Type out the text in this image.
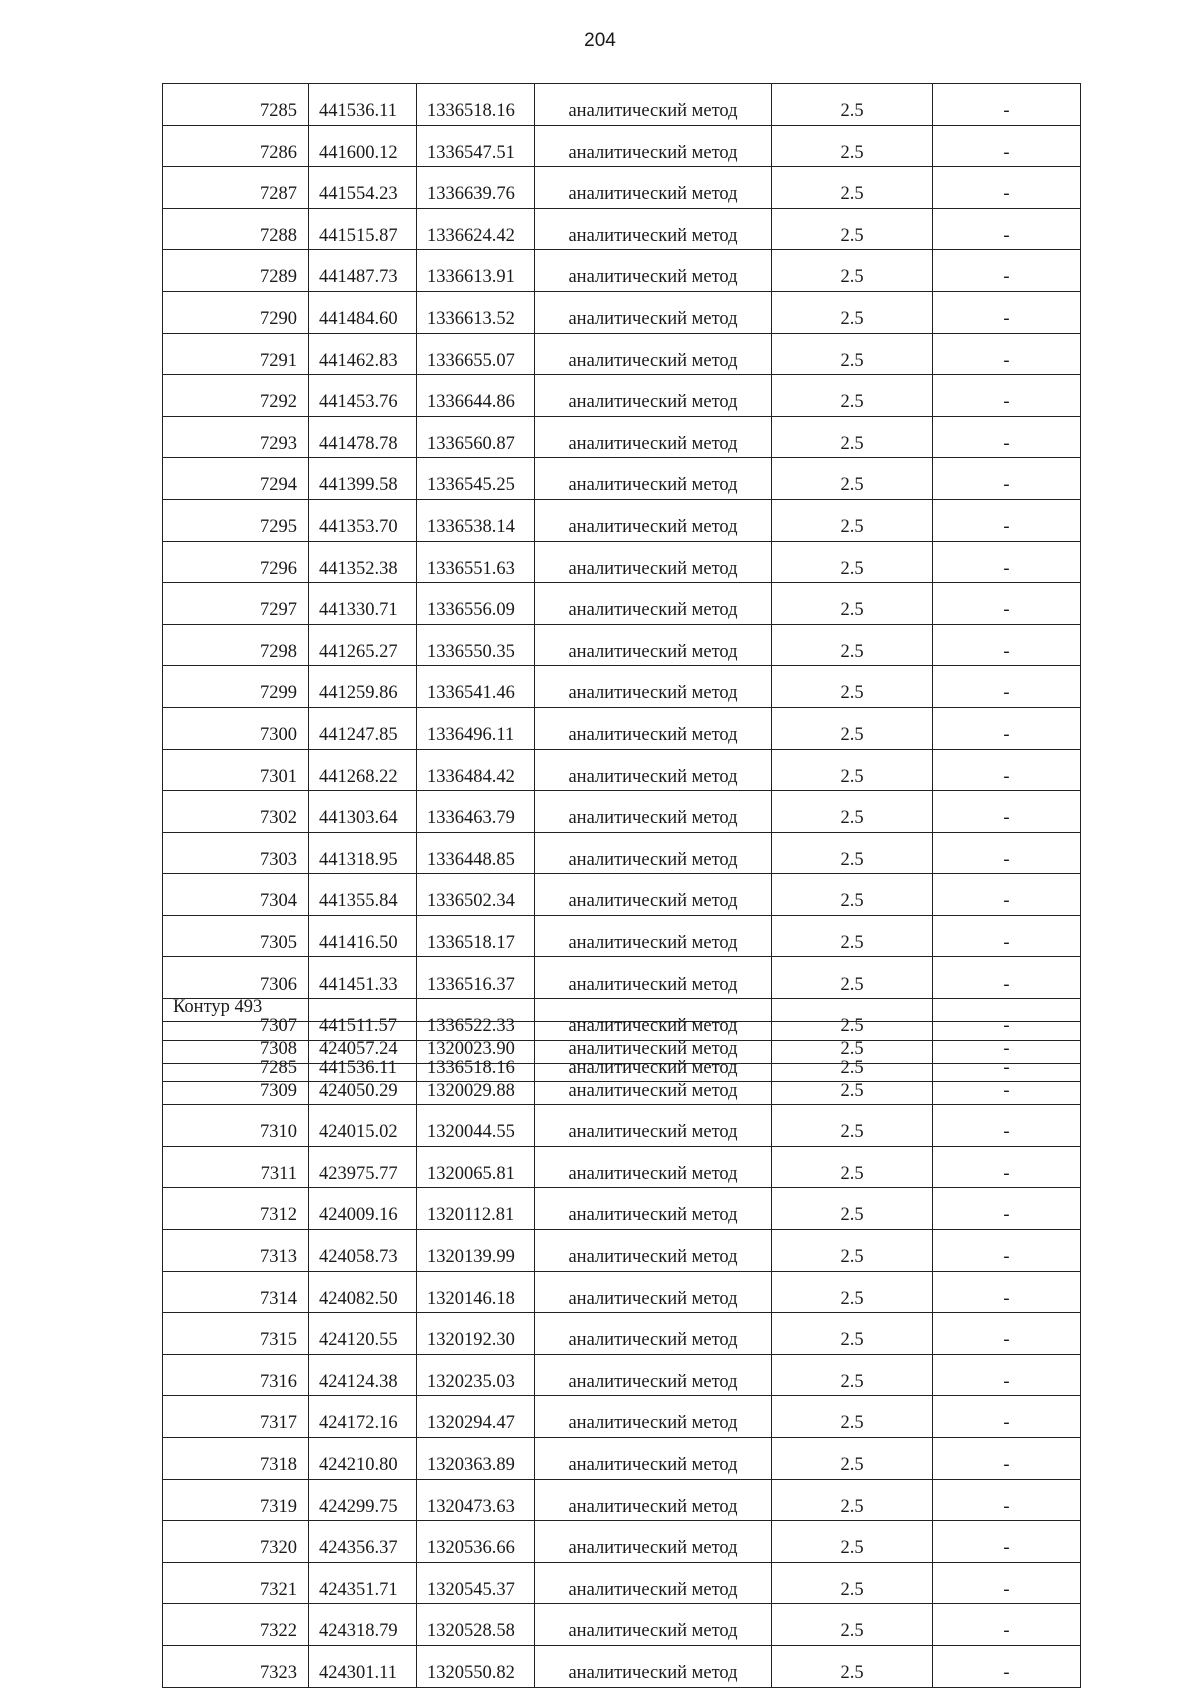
204
7285	441536.11	1336518.16	аналитический метод	2.5	-
7286	441600.12	1336547.51	аналитический метод	2.5	-
7287	441554.23	1336639.76	аналитический метод	2.5	-
7288	441515.87	1336624.42	аналитический метод	2.5	-
7289	441487.73	1336613.91	аналитический метод	2.5	-
7290	441484.60	1336613.52	аналитический метод	2.5	-
7291	441462.83	1336655.07	аналитический метод	2.5	-
7292	441453.76	1336644.86	аналитический метод	2.5	-
7293	441478.78	1336560.87	аналитический метод	2.5	-
7294	441399.58	1336545.25	аналитический метод	2.5	-
7295	441353.70	1336538.14	аналитический метод	2.5	-
7296	441352.38	1336551.63	аналитический метод	2.5	-
7297	441330.71	1336556.09	аналитический метод	2.5	-
7298	441265.27	1336550.35	аналитический метод	2.5	-
7299	441259.86	1336541.46	аналитический метод	2.5	-
7300	441247.85	1336496.11	аналитический метод	2.5	-
7301	441268.22	1336484.42	аналитический метод	2.5	-
7302	441303.64	1336463.79	аналитический метод	2.5	-
7303	441318.95	1336448.85	аналитический метод	2.5	-
7304	441355.84	1336502.34	аналитический метод	2.5	-
7305	441416.50	1336518.17	аналитический метод	2.5	-
7306	441451.33	1336516.37	аналитический метод	2.5	-
7307	441511.57	1336522.33	аналитический метод	2.5	-
7285	441536.11	1336518.16	аналитический метод	2.5	-
Контур 493
7308	424057.24	1320023.90	аналитический метод	2.5	-
7309	424050.29	1320029.88	аналитический метод	2.5	-
7310	424015.02	1320044.55	аналитический метод	2.5	-
7311	423975.77	1320065.81	аналитический метод	2.5	-
7312	424009.16	1320112.81	аналитический метод	2.5	-
7313	424058.73	1320139.99	аналитический метод	2.5	-
7314	424082.50	1320146.18	аналитический метод	2.5	-
7315	424120.55	1320192.30	аналитический метод	2.5	-
7316	424124.38	1320235.03	аналитический метод	2.5	-
7317	424172.16	1320294.47	аналитический метод	2.5	-
7318	424210.80	1320363.89	аналитический метод	2.5	-
7319	424299.75	1320473.63	аналитический метод	2.5	-
7320	424356.37	1320536.66	аналитический метод	2.5	-
7321	424351.71	1320545.37	аналитический метод	2.5	-
7322	424318.79	1320528.58	аналитический метод	2.5	-
7323	424301.11	1320550.82	аналитический метод	2.5	-
